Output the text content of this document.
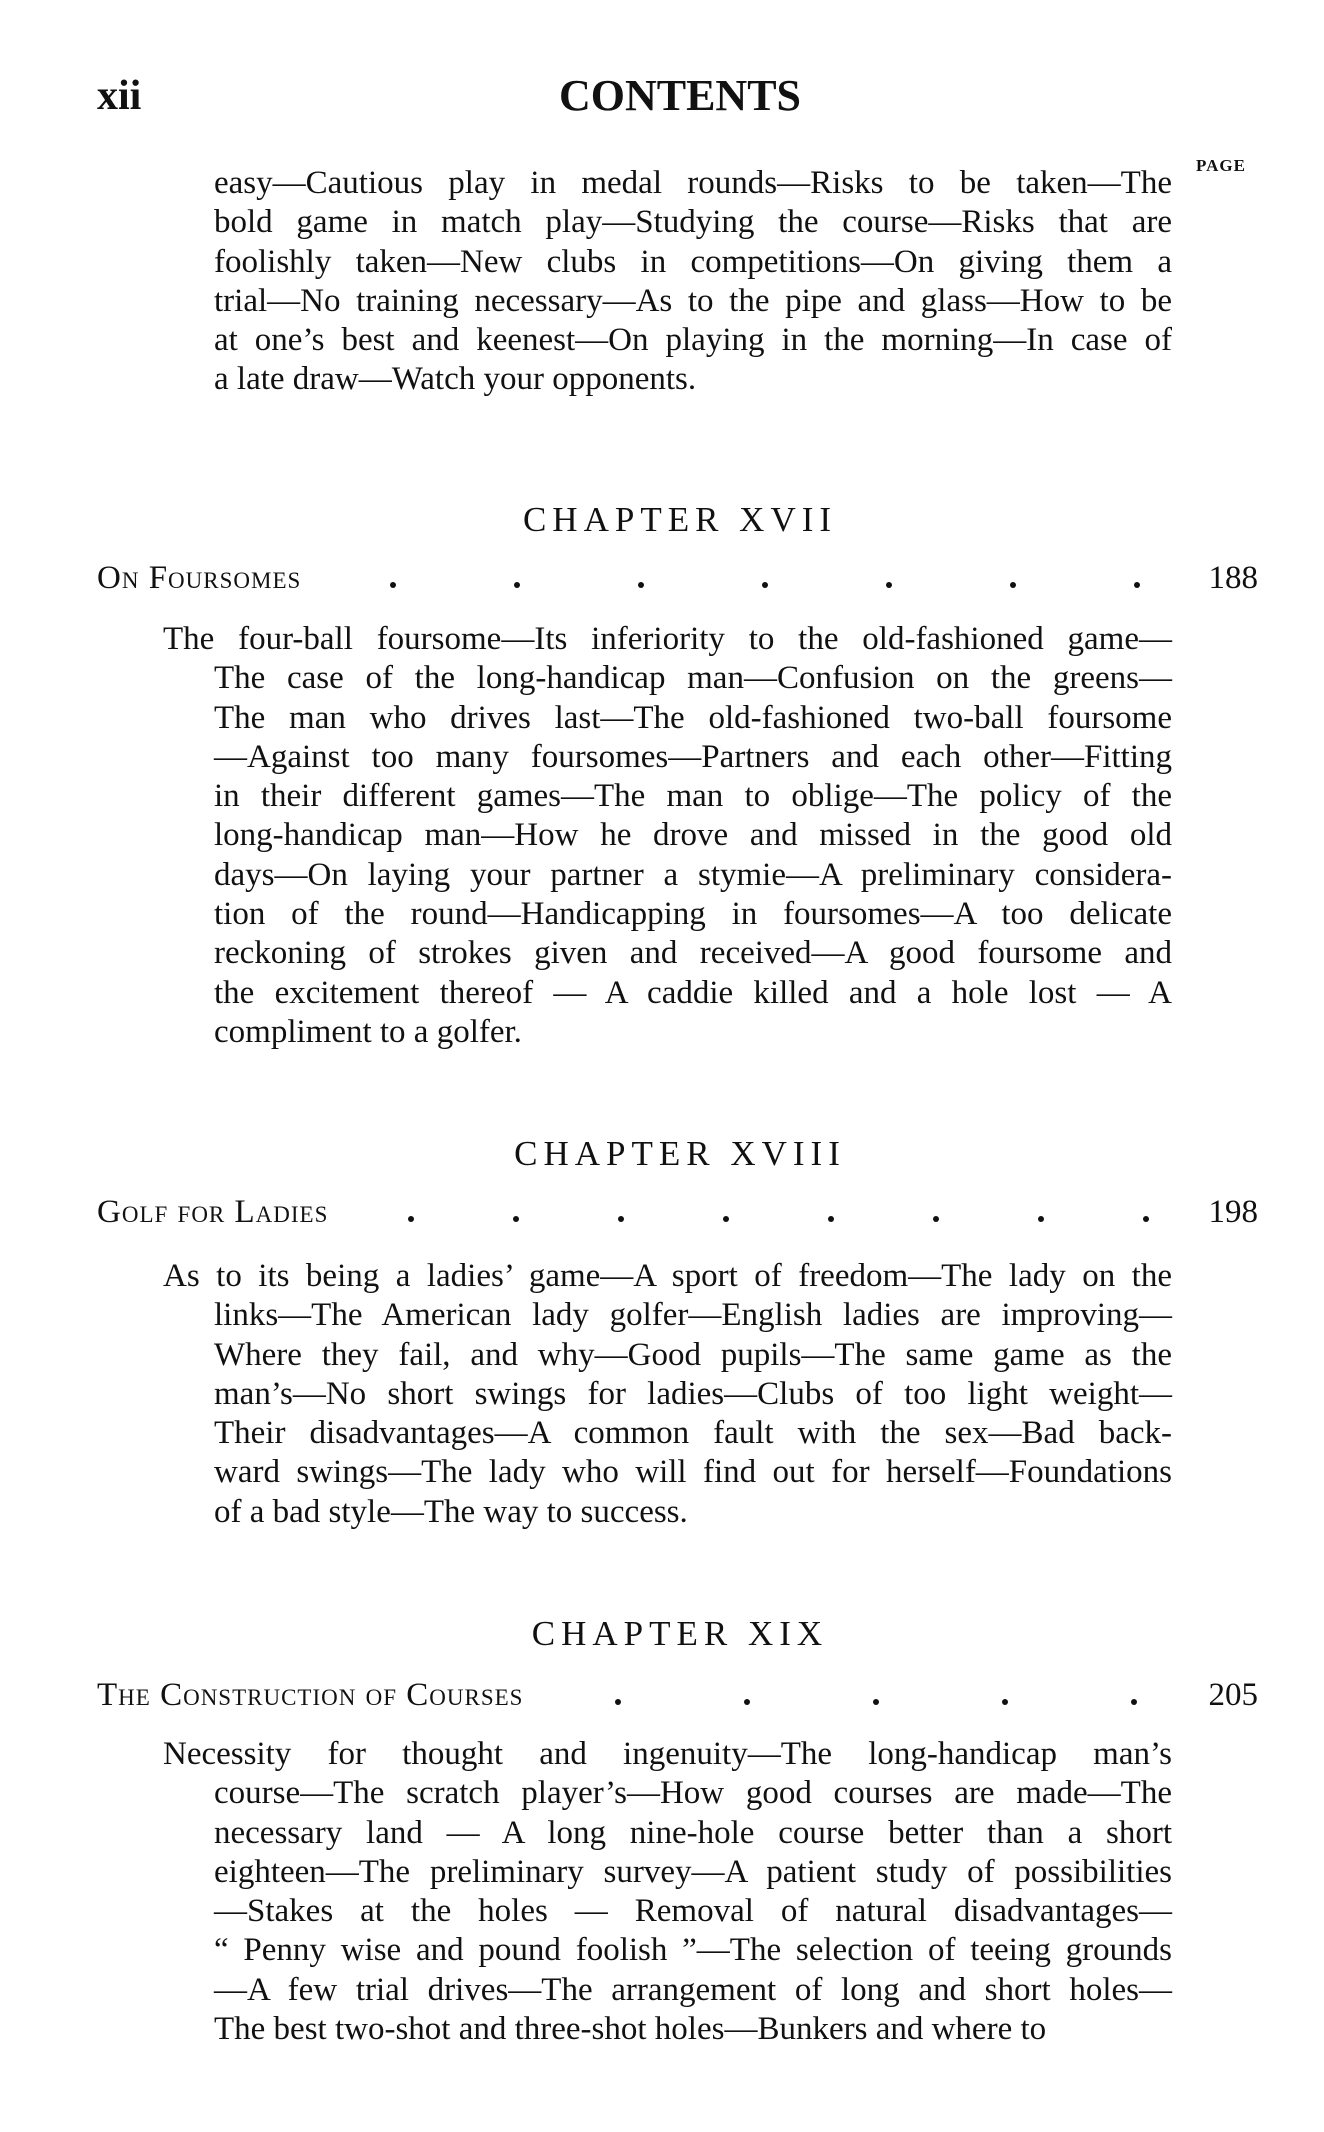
xii	CONTENTS
PAGE
easy—Cautious play in medal rounds—Risks to be taken—The
bold game in match play—Studying the course—Risks that are
foolishly taken—New clubs in competitions—On giving them a
trial—No training necessary—As to the pipe and glass—How to be
at one’s best and keenest—On playing in the morning—In case of
a late draw—Watch your opponents.
CHAPTER XVII
On Foursomes	188
The four-ball foursome—Its inferiority to the old-fashioned game—
The case of the long-handicap man—Confusion on the greens—
The man who drives last—The old-fashioned two-ball foursome
—Against too many foursomes—Partners and each other—Fitting
in their different games—The man to oblige—The policy of the
long-handicap man—How he drove and missed in the good old
days—On laying your partner a stymie—A preliminary considera-
tion of the round—Handicapping in foursomes—A too delicate
reckoning of strokes given and received—A good foursome and
the excitement thereof — A caddie killed and a hole lost — A
compliment to a golfer.
CHAPTER XVIII
Golf for Ladies	198
As to its being a ladies’ game—A sport of freedom—The lady on the
links—The American lady golfer—English ladies are improving—
Where they fail, and why—Good pupils—The same game as the
man’s—No short swings for ladies—Clubs of too light weight—
Their disadvantages—A common fault with the sex—Bad back-
ward swings—The lady who will find out for herself—Foundations
of a bad style—The way to success.
CHAPTER XIX
The Construction of Courses	205
Necessity for thought and ingenuity—The long-handicap man’s
course—The scratch player’s—How good courses are made—The
necessary land — A long nine-hole course better than a short
eighteen—The preliminary survey—A patient study of possibilities
—Stakes at the holes — Removal of natural disadvantages—
“ Penny wise and pound foolish ”—The selection of teeing grounds
—A few trial drives—The arrangement of long and short holes—
The best two-shot and three-shot holes—Bunkers and where to
